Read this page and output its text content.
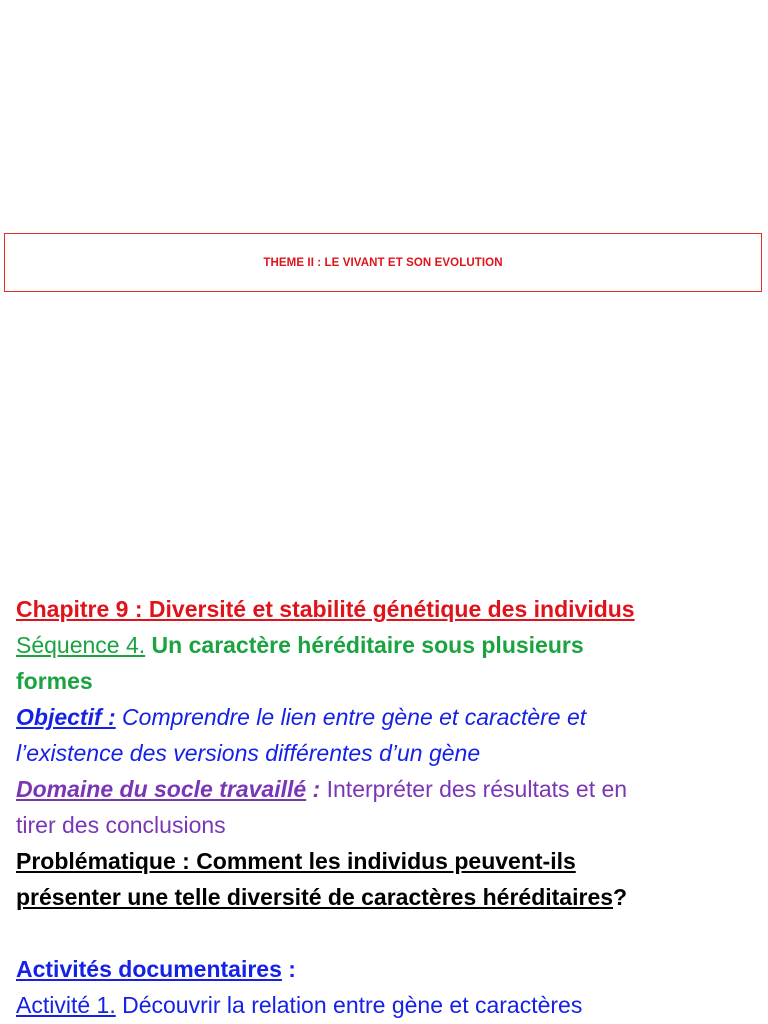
THEME II : LE VIVANT ET SON EVOLUTION
Chapitre 9 : Diversité et stabilité génétique des individus
Séquence 4. Un caractère héréditaire sous plusieurs
formes
Objectif : Comprendre le lien entre gène et caractère et
l’existence des versions différentes d’un gène
Domaine du socle travaillé : Interpréter des résultats et en
tirer des conclusions
Problématique : Comment les individus peuvent-ils
présenter une telle diversité de caractères héréditaires?
Activités documentaires :
Activité 1. Découvrir la relation entre gène et caractères
